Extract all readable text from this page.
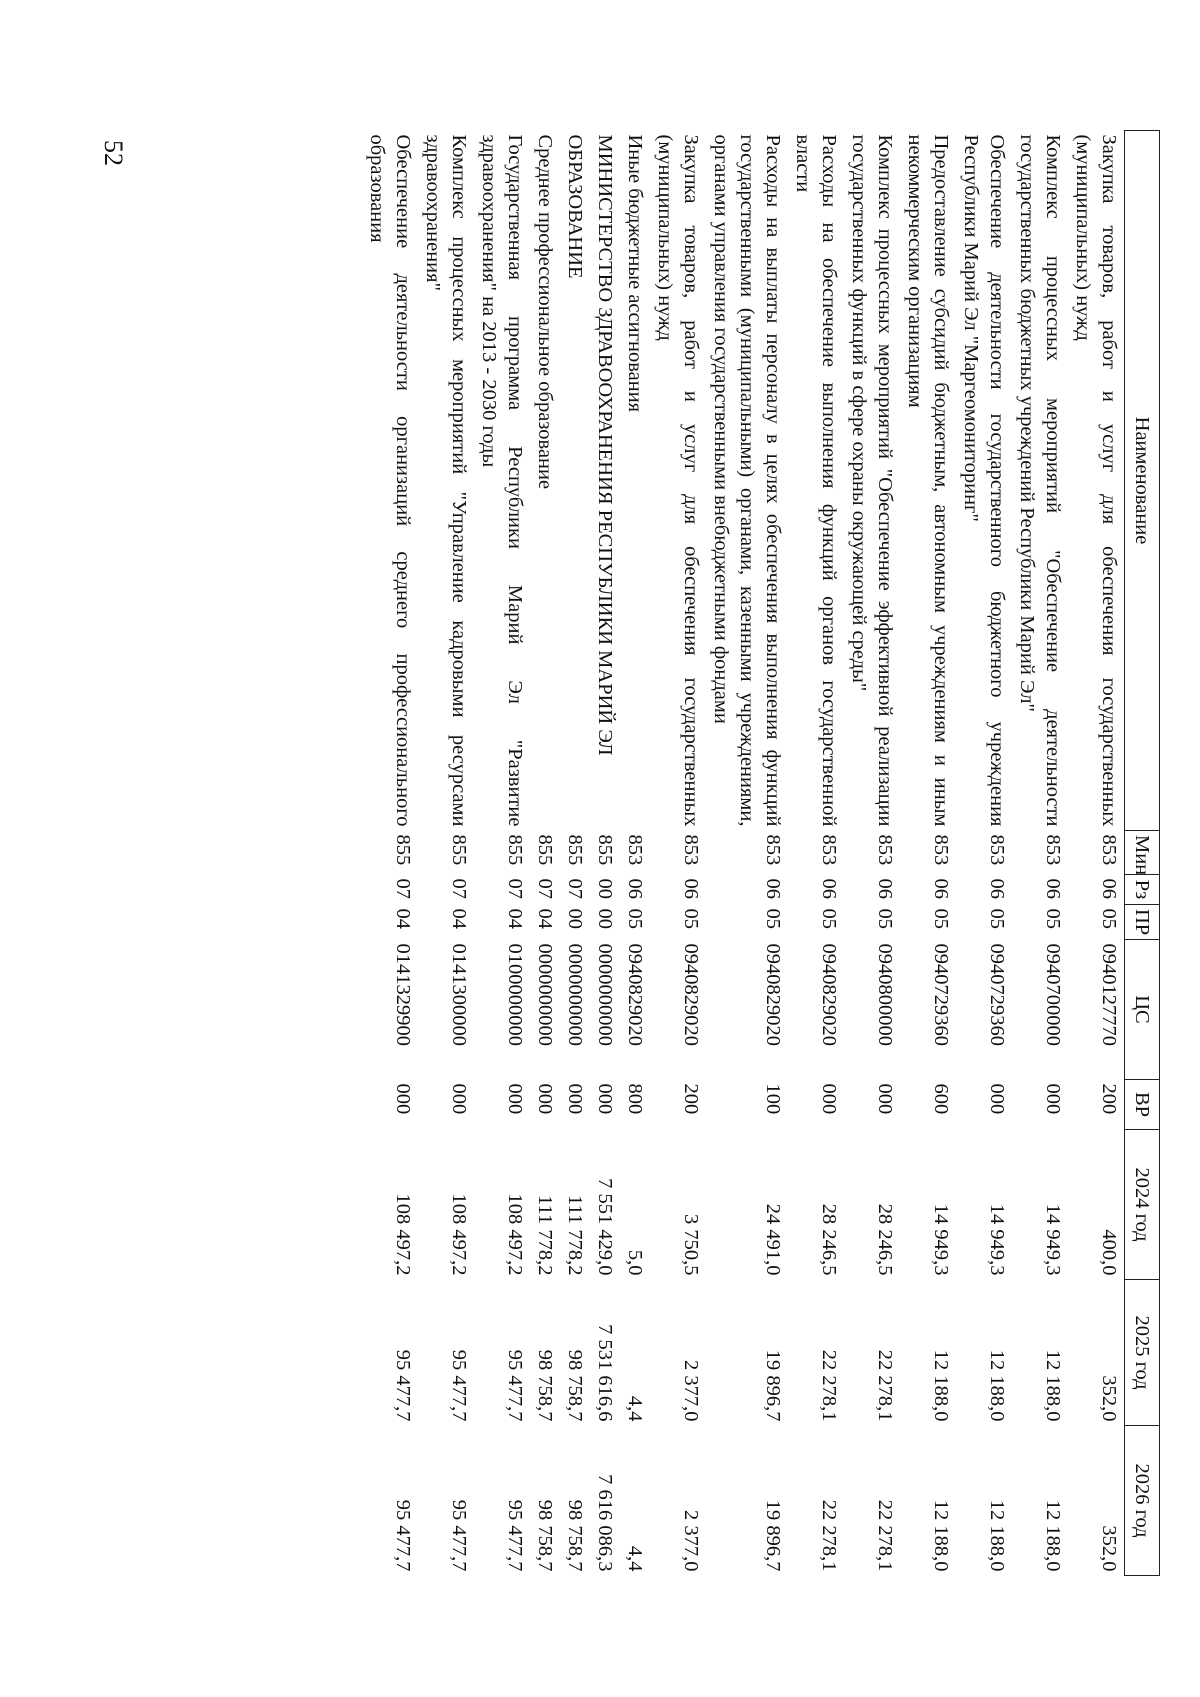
52
Наименование	Мин	Рз	ПР	ЦС	ВР	2024 год	2025 год	2026 год
Закупка товаров, работ и услуг для обеспечения государственных (муниципальных) нужд	853	06	05	0940127770	200	400,0	352,0	352,0
Комплекс процессных мероприятий "Обеспечение деятельности государственных бюджетных учреждений Республики Марий Эл"	853	06	05	0940700000	000	14 949,3	12 188,0	12 188,0
Обеспечение деятельности государственного бюджетного учреждения Республики Марий Эл "Маргеомониторинг"	853	06	05	0940729360	000	14 949,3	12 188,0	12 188,0
Предоставление субсидий бюджетным, автономным учреждениям и иным некоммерческим организациям	853	06	05	0940729360	600	14 949,3	12 188,0	12 188,0
Комплекс процессных мероприятий "Обеспечение эффективной реализации государственных функций в сфере охраны окружающей среды"	853	06	05	0940800000	000	28 246,5	22 278,1	22 278,1
Расходы на обеспечение выполнения функций органов государственной власти	853	06	05	0940829020	000	28 246,5	22 278,1	22 278,1
Расходы на выплаты персоналу в целях обеспечения выполнения функций государственными (муниципальными) органами, казенными учреждениями, органами управления государственными внебюджетными фондами	853	06	05	0940829020	100	24 491,0	19 896,7	19 896,7
Закупка товаров, работ и услуг для обеспечения государственных (муниципальных) нужд	853	06	05	0940829020	200	3 750,5	2 377,0	2 377,0
Иные бюджетные ассигнования	853	06	05	0940829020	800	5,0	4,4	4,4
МИНИСТЕРСТВО ЗДРАВООХРАНЕНИЯ РЕСПУБЛИКИ МАРИЙ ЭЛ	855	00	00	0000000000	000	7 551 429,0	7 531 616,6	7 616 086,3
ОБРАЗОВАНИЕ	855	07	00	0000000000	000	111 778,2	98 758,7	98 758,7
Среднее профессиональное образование	855	07	04	0000000000	000	111 778,2	98 758,7	98 758,7
Государственная программа Республики Марий Эл "Развитие здравоохранения" на 2013 - 2030 годы	855	07	04	0100000000	000	108 497,2	95 477,7	95 477,7
Комплекс процессных мероприятий "Управление кадровыми ресурсами здравоохранения"	855	07	04	0141300000	000	108 497,2	95 477,7	95 477,7
Обеспечение деятельности организаций среднего профессионального образования	855	07	04	0141329900	000	108 497,2	95 477,7	95 477,7
